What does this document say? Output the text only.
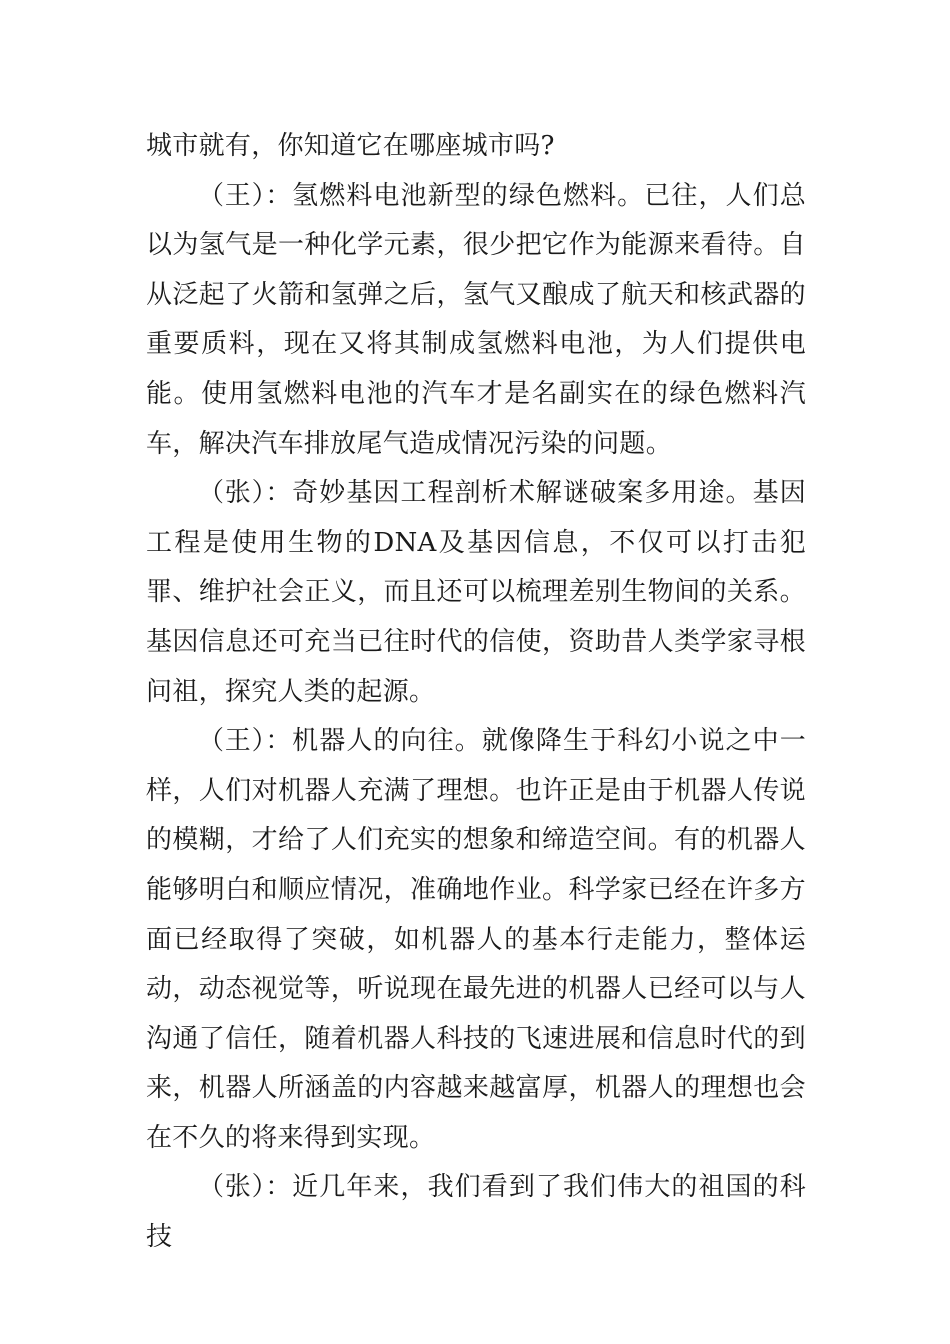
城市就有，你知道它在哪座城市吗?

（王）：氢燃料电池新型的绿色燃料。已往，人们总以为氢气是一种化学元素，很少把它作为能源来看待。自从泛起了火箭和氢弹之后，氢气又酿成了航天和核武器的重要质料，现在又将其制成氢燃料电池，为人们提供电能。使用氢燃料电池的汽车才是名副实在的绿色燃料汽车，解决汽车排放尾气造成情况污染的问题。

（张）：奇妙基因工程剖析术解谜破案多用途。基因工程是使用生物的DNA及基因信息，不仅可以打击犯罪、维护社会正义，而且还可以梳理差别生物间的关系。基因信息还可充当已往时代的信使，资助昔人类学家寻根问祖，探究人类的起源。

（王）：机器人的向往。就像降生于科幻小说之中一样，人们对机器人充满了理想。也许正是由于机器人传说的模糊，才给了人们充实的想象和缔造空间。有的机器人能够明白和顺应情况，准确地作业。科学家已经在许多方面已经取得了突破，如机器人的基本行走能力，整体运动，动态视觉等，听说现在最先进的机器人已经可以与人沟通了信任，随着机器人科技的飞速进展和信息时代的到来，机器人所涵盖的内容越来越富厚，机器人的理想也会在不久的将来得到实现。

（张）：近几年来，我们看到了我们伟大的祖国的科技
